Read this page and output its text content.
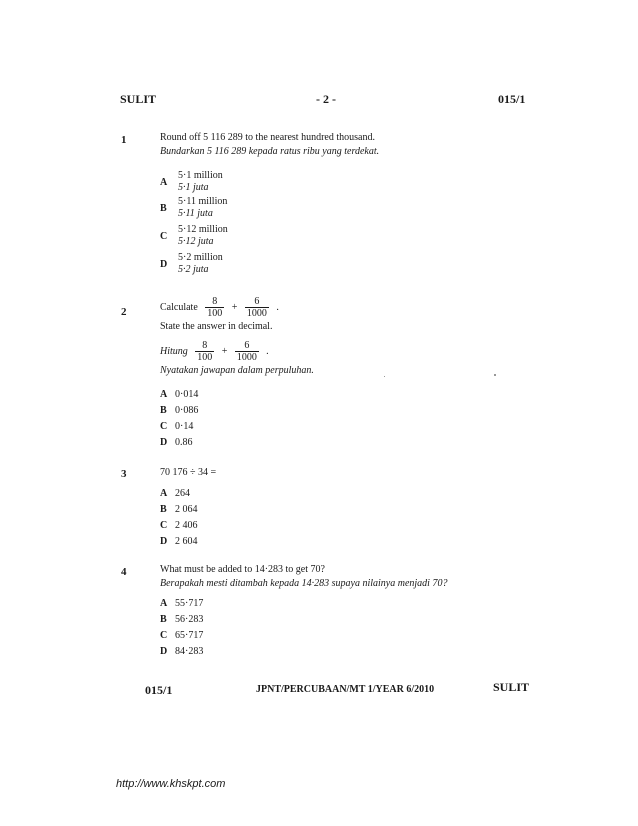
SULIT	- 2 -	015/1
1	Round off 5 116 289 to the nearest hundred thousand.
Bundarkan 5 116 289 kepada ratus ribu yang terdekat.
A
5·1 million
5·1 juta
B
5·11 million
5·11 juta
C
5·12 million
5·12 juta
D
5·2 million
5·2 juta
2	Calculate $\frac{8}{100} + \frac{6}{1000}$ .
State the answer in decimal.
Hitung $\frac{8}{100} + \frac{6}{1000}$ .
Nyatakan jawapan dalam perpuluhan.
A 0·014
B 0·086
C 0·14
D 0.86
3	70 176 ÷ 34 =
A 264
B 2 064
C 2 406
D 2 604
4	What must be added to 14·283 to get 70?
Berapakah mesti ditambah kepada 14·283 supaya nilainya menjadi 70?
A 55·717
B 56·283
C 65·717
D 84·283
015/1	JPNT/PERCUBAAN/MT 1/YEAR 6/2010	SULIT
http://www.khskpt.com
